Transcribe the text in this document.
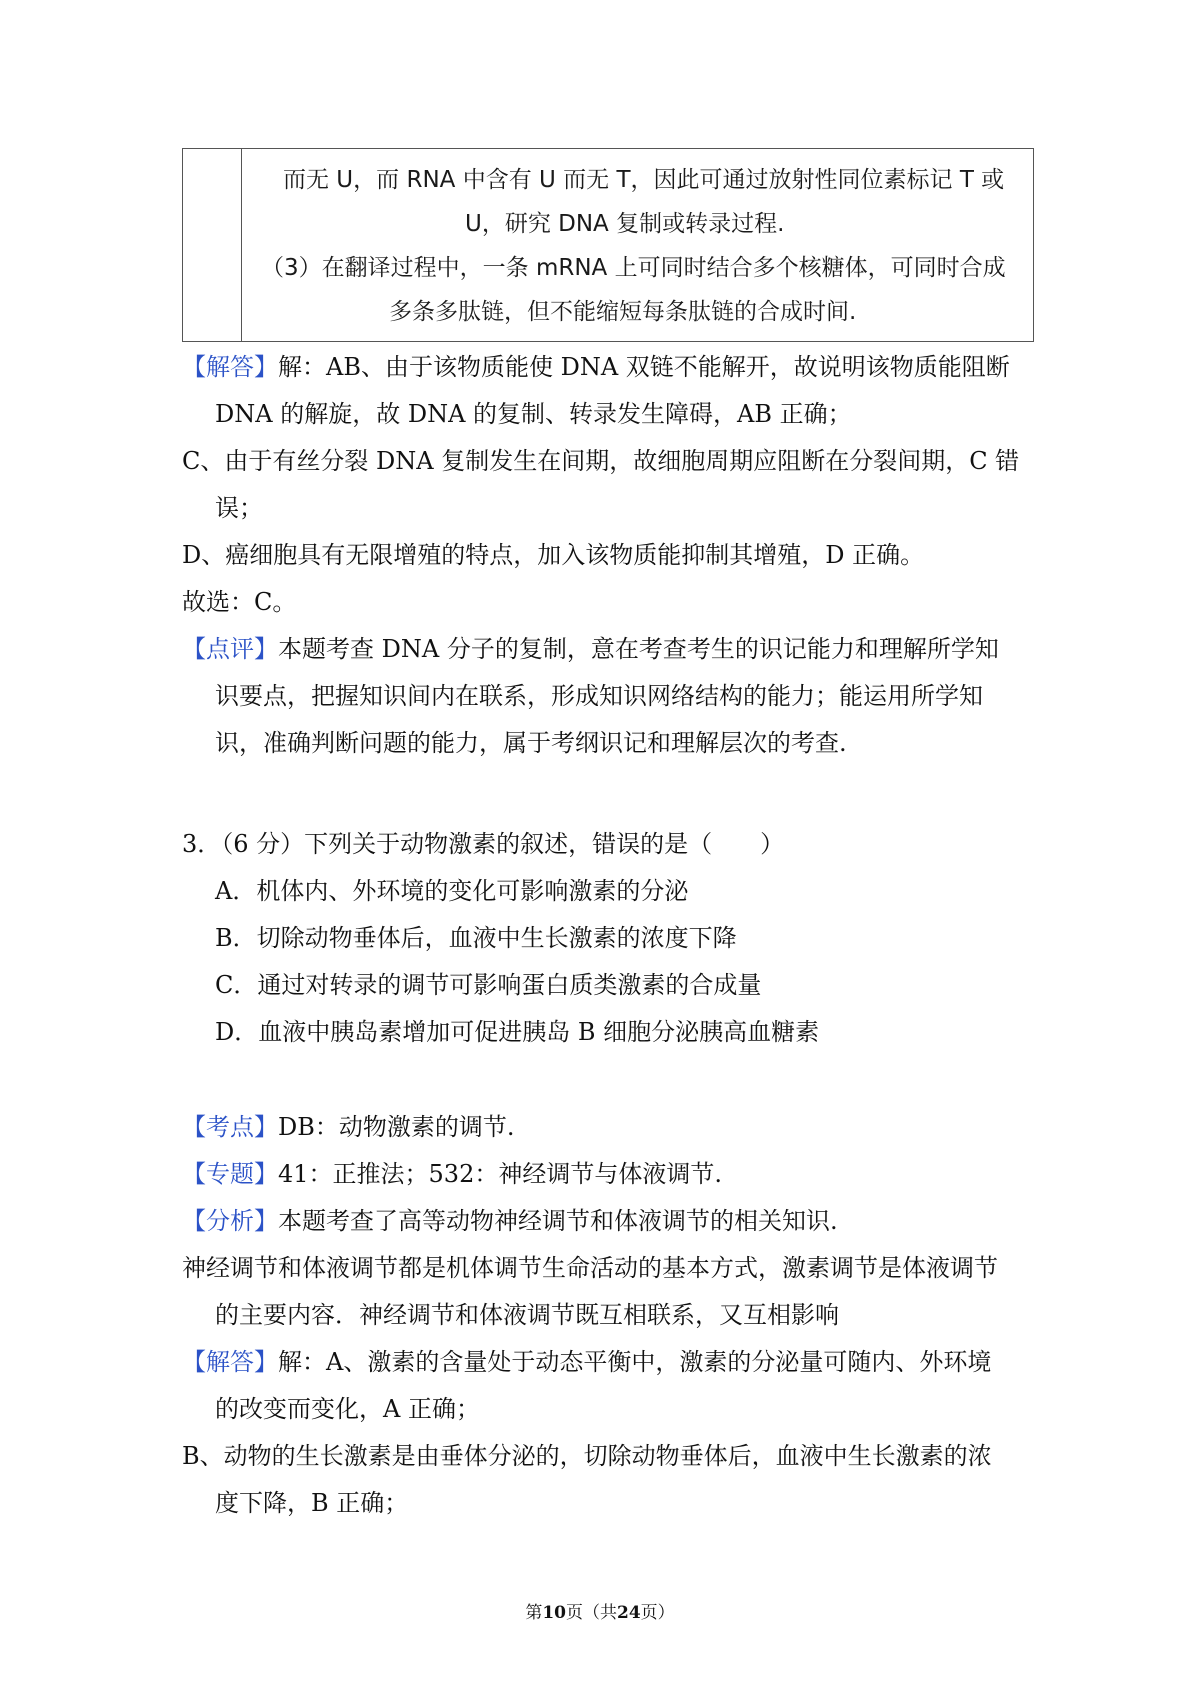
而无 U，而 RNA 中含有 U 而无 T，因此可通过放射性同位素标记 T 或
U，研究 DNA 复制或转录过程.
（3）在翻译过程中，一条 mRNA 上可同时结合多个核糖体，可同时合成
多条多肽链，但不能缩短每条肽链的合成时间.
【解答】解：AB、由于该物质能使 DNA 双链不能解开，故说明该物质能阻断
DNA 的解旋，故 DNA 的复制、转录发生障碍，AB 正确；
C、由于有丝分裂 DNA 复制发生在间期，故细胞周期应阻断在分裂间期，C 错
误；
D、癌细胞具有无限增殖的特点，加入该物质能抑制其增殖，D 正确。
故选：C。
【点评】本题考查 DNA 分子的复制，意在考查考生的识记能力和理解所学知
识要点，把握知识间内在联系，形成知识网络结构的能力；能运用所学知
识，准确判断问题的能力，属于考纲识记和理解层次的考查.
3．（6 分）下列关于动物激素的叙述，错误的是（　　）
A．机体内、外环境的变化可影响激素的分泌
B．切除动物垂体后，血液中生长激素的浓度下降
C．通过对转录的调节可影响蛋白质类激素的合成量
D．血液中胰岛素增加可促进胰岛 B 细胞分泌胰高血糖素
【考点】DB：动物激素的调节.
【专题】41：正推法；532：神经调节与体液调节.
【分析】本题考查了高等动物神经调节和体液调节的相关知识.
神经调节和体液调节都是机体调节生命活动的基本方式，激素调节是体液调节
的主要内容．神经调节和体液调节既互相联系，又互相影响
【解答】解：A、激素的含量处于动态平衡中，激素的分泌量可随内、外环境
的改变而变化，A 正确；
B、动物的生长激素是由垂体分泌的，切除动物垂体后，血液中生长激素的浓
度下降，B 正确；
第10页（共24页）
